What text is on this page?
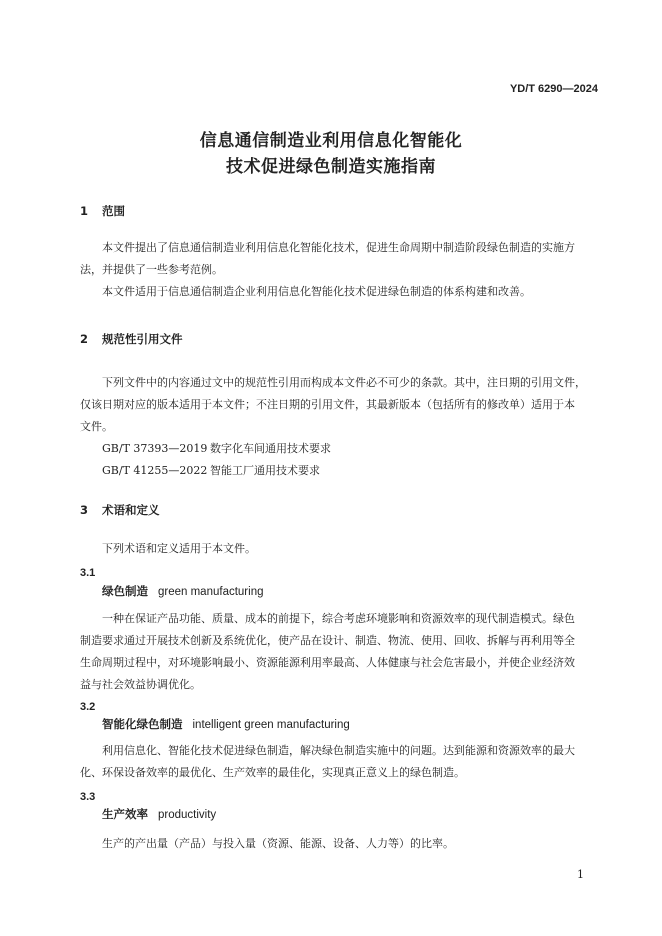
YD/T 6290—2024
信息通信制造业利用信息化智能化
技术促进绿色制造实施指南
1 范围
本文件提出了信息通信制造业利用信息化智能化技术，促进生命周期中制造阶段绿色制造的实施方
法，并提供了一些参考范例。
本文件适用于信息通信制造企业利用信息化智能化技术促进绿色制造的体系构建和改善。
2 规范性引用文件
下列文件中的内容通过文中的规范性引用而构成本文件必不可少的条款。其中，注日期的引用文件，
仅该日期对应的版本适用于本文件；不注日期的引用文件，其最新版本（包括所有的修改单）适用于本
文件。
GB/T 37393—2019 数字化车间通用技术要求
GB/T 41255—2022 智能工厂通用技术要求
3 术语和定义
下列术语和定义适用于本文件。
3.1
绿色制造 green manufacturing
一种在保证产品功能、质量、成本的前提下，综合考虑环境影响和资源效率的现代制造模式。绿色
制造要求通过开展技术创新及系统优化，使产品在设计、制造、物流、使用、回收、拆解与再利用等全
生命周期过程中，对环境影响最小、资源能源利用率最高、人体健康与社会危害最小，并使企业经济效
益与社会效益协调优化。
3.2
智能化绿色制造 intelligent green manufacturing
利用信息化、智能化技术促进绿色制造，解决绿色制造实施中的问题。达到能源和资源效率的最大
化、环保设备效率的最优化、生产效率的最佳化，实现真正意义上的绿色制造。
3.3
生产效率 productivity
生产的产出量（产品）与投入量（资源、能源、设备、人力等）的比率。
1
